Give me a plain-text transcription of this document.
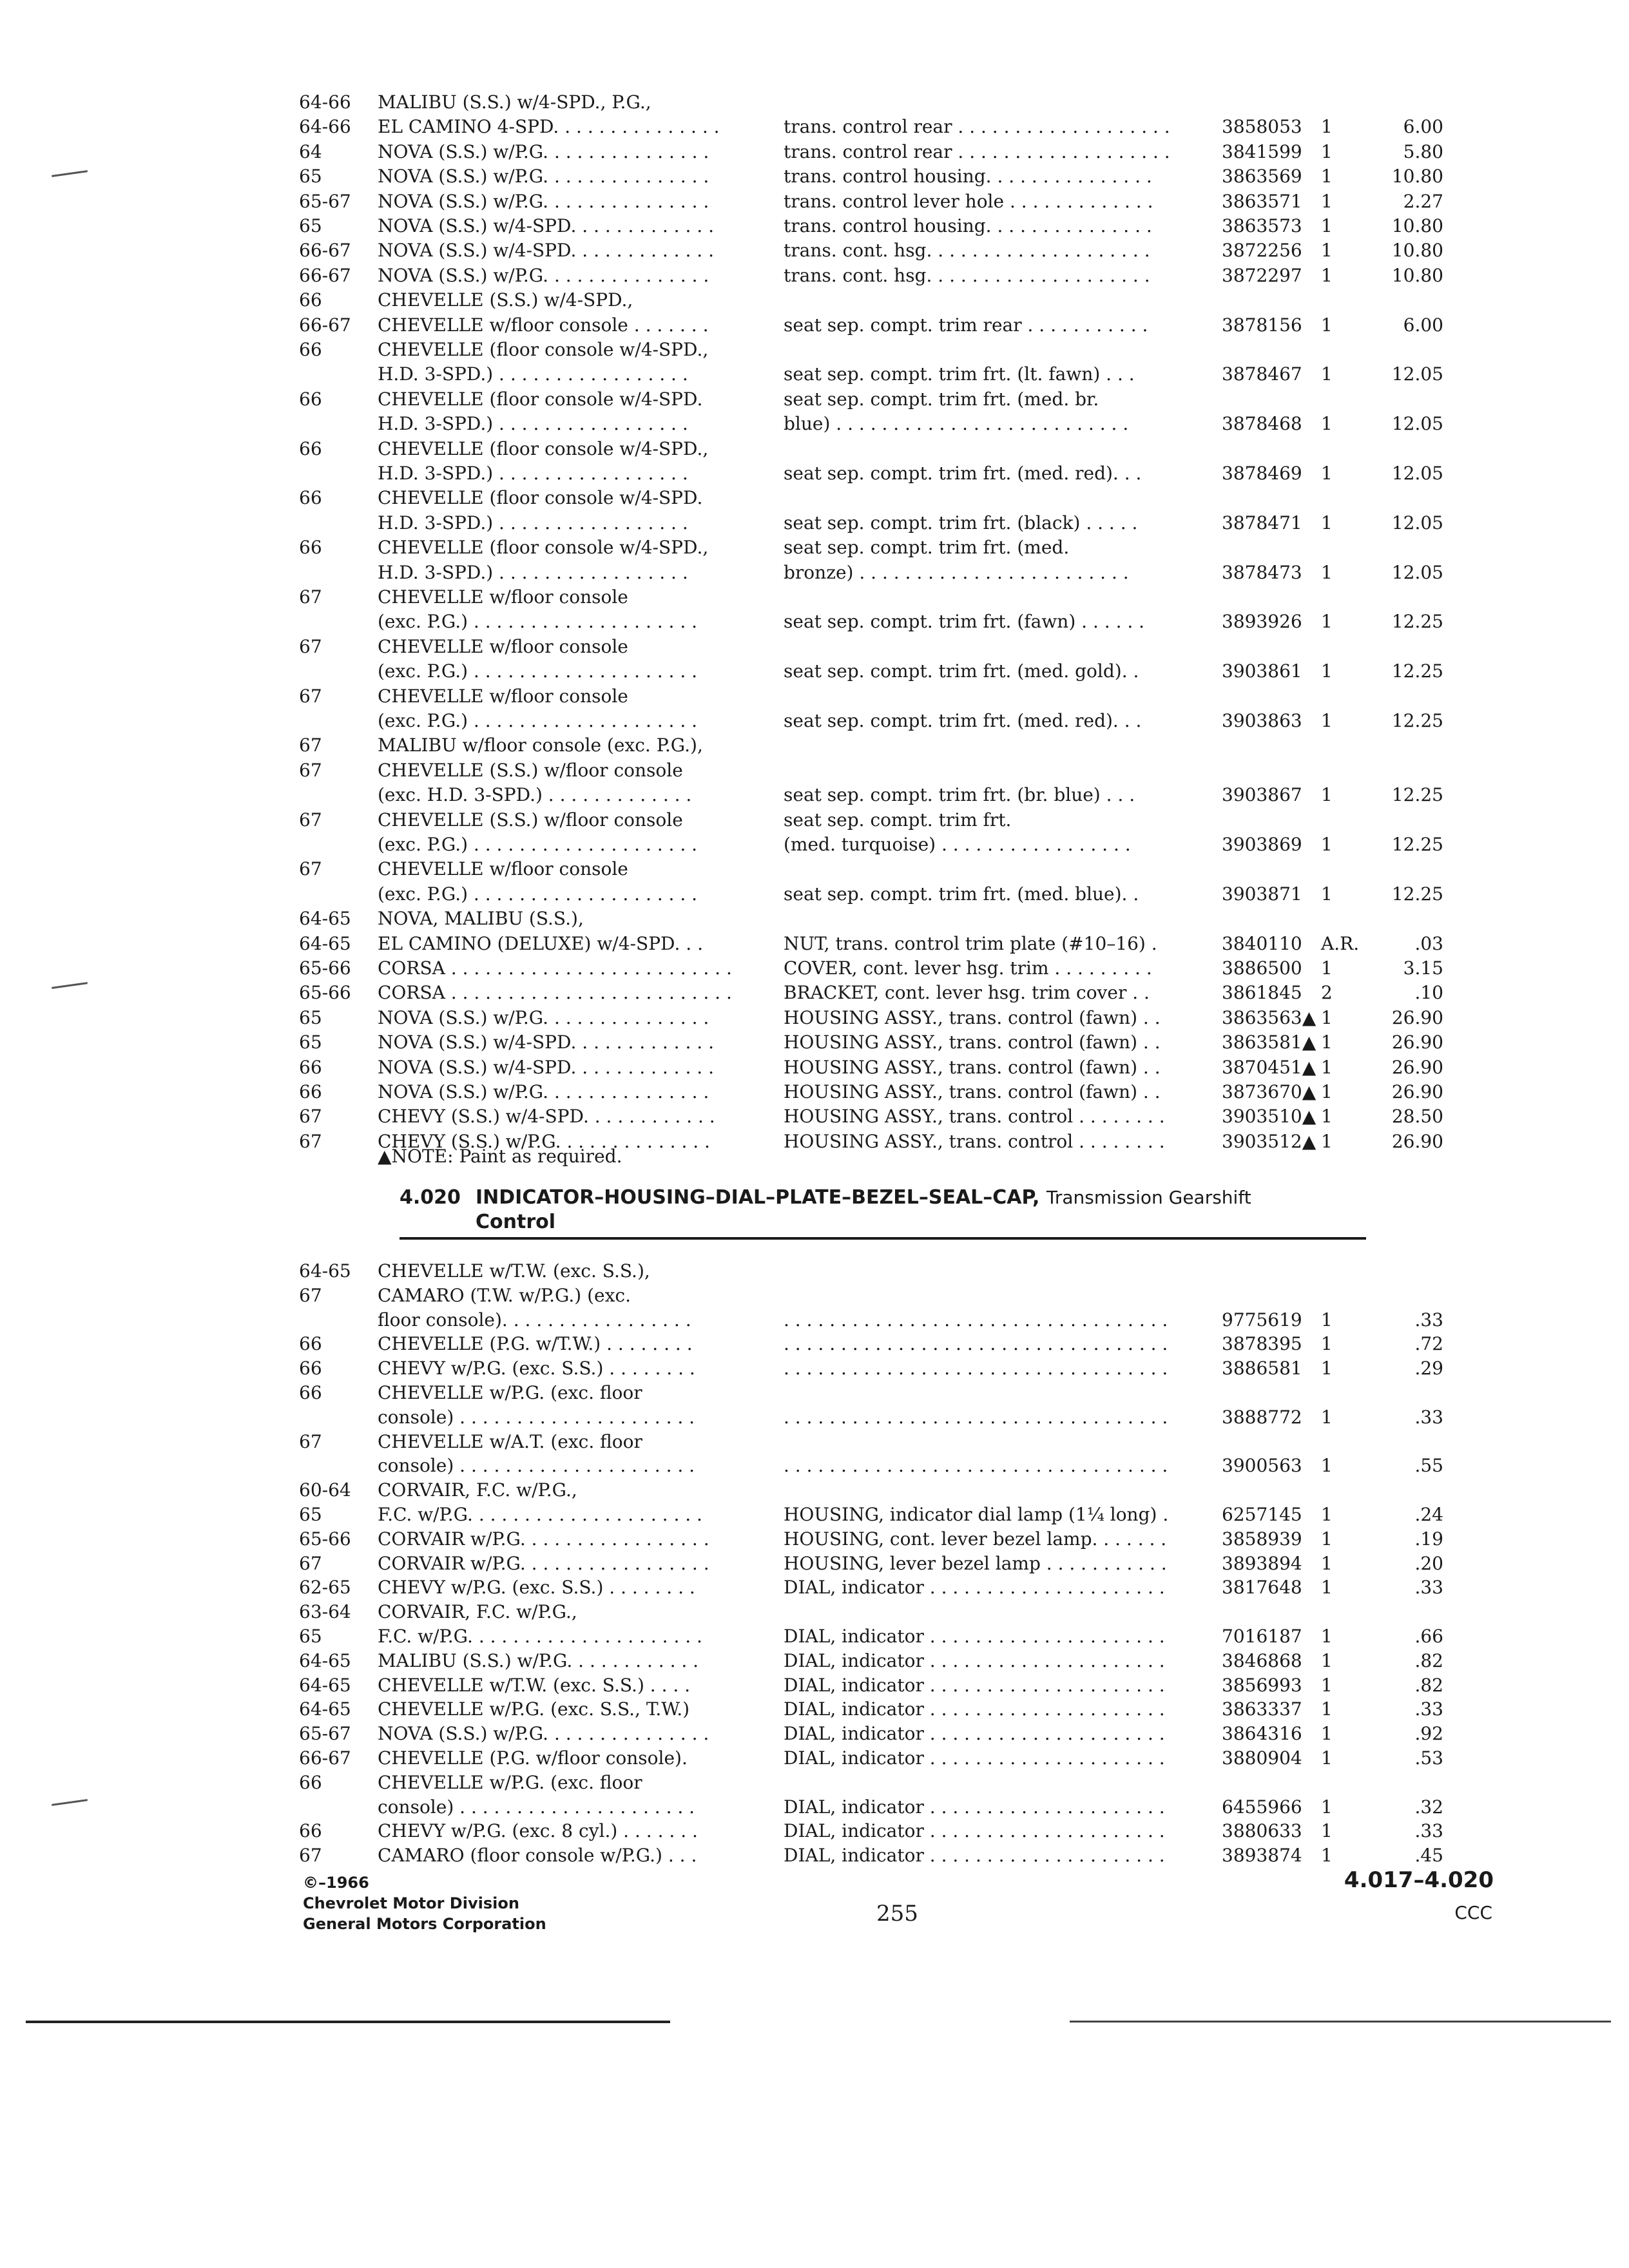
64-66 MALIBU (S.S.) w/4-SPD., P.G.,
64-66 EL CAMINO 4-SPD. . . . . . . . . . . . . . .	trans. control rear . . . . . . . . . . . . . . . . . . .	3858053 1	6.00
64	NOVA (S.S.) w/P.G. . . . . . . . . . . . . . .	trans. control rear . . . . . . . . . . . . . . . . . . .	3841599 1	5.80
65	NOVA (S.S.) w/P.G. . . . . . . . . . . . . . .	trans. control housing. . . . . . . . . . . . . . .	3863569 1	10.80
65-67 NOVA (S.S.) w/P.G. . . . . . . . . . . . . . .	trans. control lever hole . . . . . . . . . . . . .	3863571 1	2.27
65	NOVA (S.S.) w/4-SPD. . . . . . . . . . . . .	trans. control housing. . . . . . . . . . . . . . .	3863573 1	10.80
66-67 NOVA (S.S.) w/4-SPD. . . . . . . . . . . . .	trans. cont. hsg. . . . . . . . . . . . . . . . . . . .	3872256 1	10.80
66-67 NOVA (S.S.) w/P.G. . . . . . . . . . . . . . .	trans. cont. hsg. . . . . . . . . . . . . . . . . . . .	3872297 1	10.80
66	CHEVELLE (S.S.) w/4-SPD.,
66-67 CHEVELLE w/floor console . . . . . . .	seat sep. compt. trim rear . . . . . . . . . . .	3878156 1	6.00
66	CHEVELLE (floor console w/4-SPD.,
H.D. 3-SPD.) . . . . . . . . . . . . . . . . .	seat sep. compt. trim frt. (lt. fawn) . . .	3878467 1	12.05
66	CHEVELLE (floor console w/4-SPD.	seat sep. compt. trim frt. (med. br.
H.D. 3-SPD.) . . . . . . . . . . . . . . . . .	blue) . . . . . . . . . . . . . . . . . . . . . . . . . .	3878468 1	12.05
66	CHEVELLE (floor console w/4-SPD.,
H.D. 3-SPD.) . . . . . . . . . . . . . . . . .	seat sep. compt. trim frt. (med. red). . .	3878469 1	12.05
66	CHEVELLE (floor console w/4-SPD.
H.D. 3-SPD.) . . . . . . . . . . . . . . . . .	seat sep. compt. trim frt. (black) . . . . .	3878471 1	12.05
66	CHEVELLE (floor console w/4-SPD.,	seat sep. compt. trim frt. (med.
H.D. 3-SPD.) . . . . . . . . . . . . . . . . .	bronze) . . . . . . . . . . . . . . . . . . . . . . . .	3878473 1	12.05
67	CHEVELLE w/floor console
(exc. P.G.) . . . . . . . . . . . . . . . . . . . .	seat sep. compt. trim frt. (fawn) . . . . . .	3893926 1	12.25
67	CHEVELLE w/floor console
(exc. P.G.) . . . . . . . . . . . . . . . . . . . .	seat sep. compt. trim frt. (med. gold). .	3903861 1	12.25
67	CHEVELLE w/floor console
(exc. P.G.) . . . . . . . . . . . . . . . . . . . .	seat sep. compt. trim frt. (med. red). . .	3903863 1	12.25
67	MALIBU w/floor console (exc. P.G.),
67	CHEVELLE (S.S.) w/floor console
(exc. H.D. 3-SPD.) . . . . . . . . . . . . .	seat sep. compt. trim frt. (br. blue) . . .	3903867 1	12.25
67	CHEVELLE (S.S.) w/floor console	seat sep. compt. trim frt.
(exc. P.G.) . . . . . . . . . . . . . . . . . . . .	(med. turquoise) . . . . . . . . . . . . . . . . .	3903869 1	12.25
67	CHEVELLE w/floor console
(exc. P.G.) . . . . . . . . . . . . . . . . . . . .	seat sep. compt. trim frt. (med. blue). .	3903871 1	12.25
64-65 NOVA, MALIBU (S.S.),
64-65 EL CAMINO (DELUXE) w/4-SPD. . .	NUT, trans. control trim plate (#10–16) .	3840110 A.R.	.03
65-66 CORSA . . . . . . . . . . . . . . . . . . . . . . . . .	COVER, cont. lever hsg. trim . . . . . . . . .	3886500 1	3.15
65-66 CORSA . . . . . . . . . . . . . . . . . . . . . . . . .	BRACKET, cont. lever hsg. trim cover . .	3861845 2	.10
65	NOVA (S.S.) w/P.G. . . . . . . . . . . . . . .	HOUSING ASSY., trans. control (fawn) . .	3863563▲ 1	26.90
65	NOVA (S.S.) w/4-SPD. . . . . . . . . . . . .	HOUSING ASSY., trans. control (fawn) . .	3863581▲ 1	26.90
66	NOVA (S.S.) w/4-SPD. . . . . . . . . . . . .	HOUSING ASSY., trans. control (fawn) . .	3870451▲ 1	26.90
66	NOVA (S.S.) w/P.G. . . . . . . . . . . . . . .	HOUSING ASSY., trans. control (fawn) . .	3873670▲ 1	26.90
67	CHEVY (S.S.) w/4-SPD. . . . . . . . . . . .	HOUSING ASSY., trans. control . . . . . . . .	3903510▲ 1	28.50
67	CHEVY (S.S.) w/P.G. . . . . . . . . . . . . .	HOUSING ASSY., trans. control . . . . . . . .	3903512▲ 1	26.90
▲NOTE: Paint as required.
4.020 INDICATOR–HOUSING–DIAL–PLATE–BEZEL–SEAL–CAP, Transmission Gearshift
Control
64-65 CHEVELLE w/T.W. (exc. S.S.),
67	CAMARO (T.W. w/P.G.) (exc.
floor console). . . . . . . . . . . . . . . . .	. . . . . . . . . . . . . . . . . . . . . . . . . . . . . . . . . .	9775619 1	.33
66	CHEVELLE (P.G. w/T.W.) . . . . . . . .	. . . . . . . . . . . . . . . . . . . . . . . . . . . . . . . . . .	3878395 1	.72
66	CHEVY w/P.G. (exc. S.S.) . . . . . . . .	. . . . . . . . . . . . . . . . . . . . . . . . . . . . . . . . . .	3886581 1	.29
66	CHEVELLE w/P.G. (exc. floor
console) . . . . . . . . . . . . . . . . . . . . .	. . . . . . . . . . . . . . . . . . . . . . . . . . . . . . . . . .	3888772 1	.33
67	CHEVELLE w/A.T. (exc. floor
console) . . . . . . . . . . . . . . . . . . . . .	. . . . . . . . . . . . . . . . . . . . . . . . . . . . . . . . . .	3900563 1	.55
60-64 CORVAIR, F.C. w/P.G.,
65	F.C. w/P.G. . . . . . . . . . . . . . . . . . . . .	HOUSING, indicator dial lamp (1¼ long) .	6257145 1	.24
65-66 CORVAIR w/P.G. . . . . . . . . . . . . . . . .	HOUSING, cont. lever bezel lamp. . . . . . .	3858939 1	.19
67	CORVAIR w/P.G. . . . . . . . . . . . . . . . .	HOUSING, lever bezel lamp . . . . . . . . . . .	3893894 1	.20
62-65 CHEVY w/P.G. (exc. S.S.) . . . . . . . .	DIAL, indicator . . . . . . . . . . . . . . . . . . . . .	3817648 1	.33
63-64 CORVAIR, F.C. w/P.G.,
65	F.C. w/P.G. . . . . . . . . . . . . . . . . . . . .	DIAL, indicator . . . . . . . . . . . . . . . . . . . . .	7016187 1	.66
64-65 MALIBU (S.S.) w/P.G. . . . . . . . . . . .	DIAL, indicator . . . . . . . . . . . . . . . . . . . . .	3846868 1	.82
64-65 CHEVELLE w/T.W. (exc. S.S.) . . . .	DIAL, indicator . . . . . . . . . . . . . . . . . . . . .	3856993 1	.82
64-65 CHEVELLE w/P.G. (exc. S.S., T.W.)	DIAL, indicator . . . . . . . . . . . . . . . . . . . . .	3863337 1	.33
65-67 NOVA (S.S.) w/P.G. . . . . . . . . . . . . . .	DIAL, indicator . . . . . . . . . . . . . . . . . . . . .	3864316 1	.92
66-67 CHEVELLE (P.G. w/floor console).	DIAL, indicator . . . . . . . . . . . . . . . . . . . . .	3880904 1	.53
66	CHEVELLE w/P.G. (exc. floor
console) . . . . . . . . . . . . . . . . . . . . .	DIAL, indicator . . . . . . . . . . . . . . . . . . . . .	6455966 1	.32
66	CHEVY w/P.G. (exc. 8 cyl.) . . . . . . .	DIAL, indicator . . . . . . . . . . . . . . . . . . . . .	3880633 1	.33
67	CAMARO (floor console w/P.G.) . . .	DIAL, indicator . . . . . . . . . . . . . . . . . . . . .	3893874 1	.45
©–1966
Chevrolet Motor Division
General Motors Corporation	255
4.017–4.020
CCC
